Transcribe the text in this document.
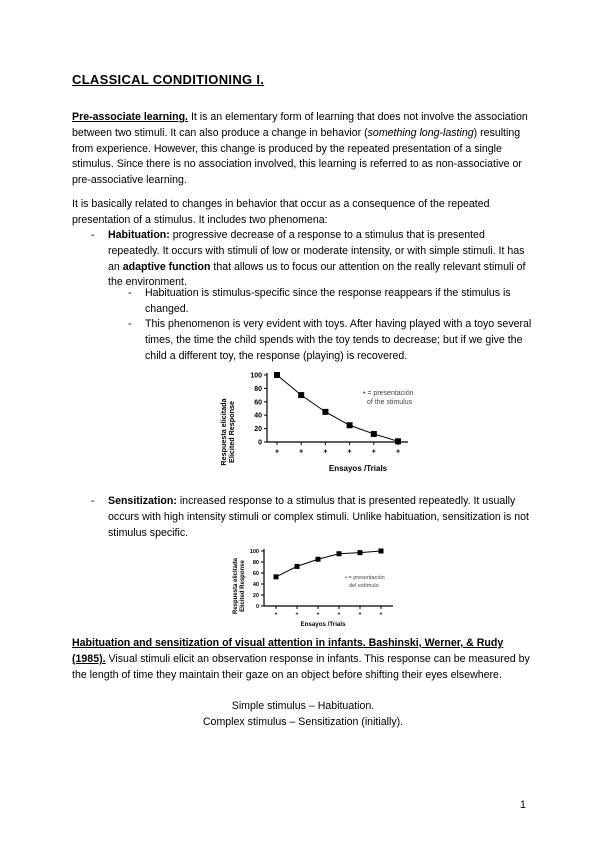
CLASSICAL CONDITIONING I.

Pre-associate learning. It is an elementary form of learning that does not involve the association between two stimuli. It can also produce a change in behavior (something long-lasting) resulting from experience. However, this change is produced by the repeated presentation of a single stimulus. Since there is no association involved, this learning is referred to as non-associative or pre-associative learning.

It is basically related to changes in behavior that occur as a consequence of the repeated presentation of a stimulus. It includes two phenomena:

- Habituation: progressive decrease of a response to a stimulus that is presented repeatedly. It occurs with stimuli of low or moderate intensity, or with simple stimuli. It has an adaptive function that allows us to focus our attention on the really relevant stimuli of the environment.

- Habituation is stimulus-specific since the response reappears if the stimulus is changed.

- This phenomenon is very evident with toys. After having played with a toyo several times, the time the child spends with the toy tends to decrease; but if we give the child a different toy, the response (playing) is recovered.

Respuesta elicitada Elicited Response
Ensayos /Trials
• = presentación
of the stimulus
100
80
60
40
20
0
+	+	+	+	+	+
- Sensitization: increased response to a stimulus that is presented repeatedly. It usually occurs with high intensity stimuli or complex stimuli. Unlike habituation, sensitization is not stimulus specific.

Respuesta elicitada Elicited Response
Ensayos /Trials
• = presentación
del estímulo
100
80
60
40
20
0
+	+	+	+	+	+

Habituation and sensitization of visual attention in infants. Bashinski, Werner, & Rudy (1985). Visual stimuli elicit an observation response in infants. This response can be measured by the length of time they maintain their gaze on an object before shifting their eyes elsewhere.

Simple stimulus – Habituation.

Complex stimulus – Sensitization (initially).

1
